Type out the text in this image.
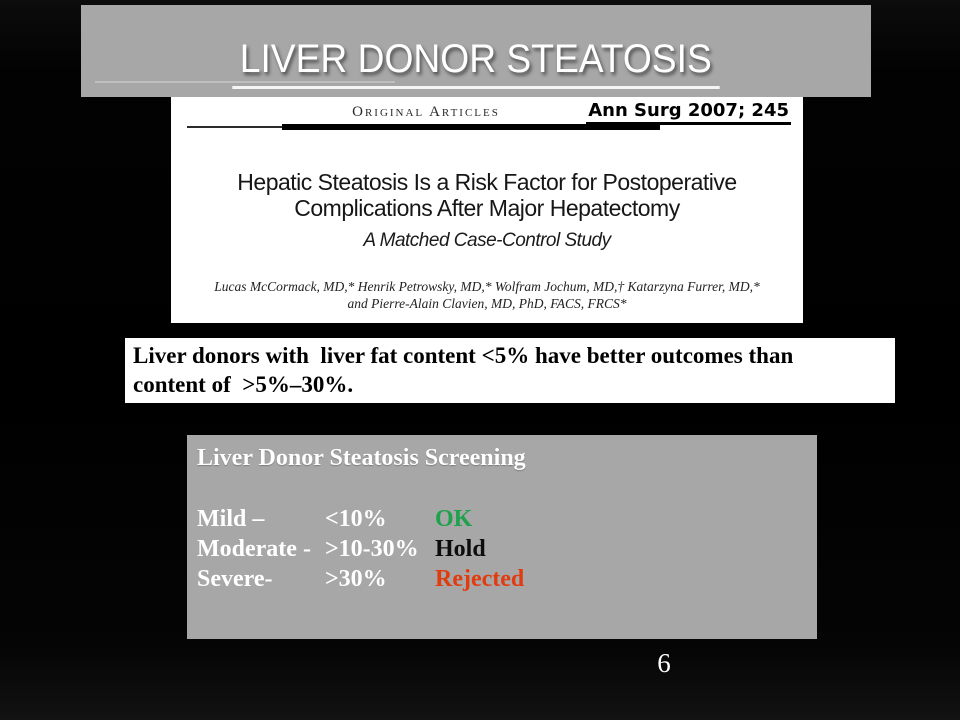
LIVER DONOR STEATOSIS
Original Articles	Ann Surg 2007; 245
Hepatic Steatosis Is a Risk Factor for Postoperative
Complications After Major Hepatectomy
A Matched Case-Control Study
Lucas McCormack, MD,* Henrik Petrowsky, MD,* Wolfram Jochum, MD,† Katarzyna Furrer, MD,*
and Pierre-Alain Clavien, MD, PhD, FACS, FRCS*

Liver donors with  liver fat content <5% have better outcomes than
content of  >5%–30%.

Liver Donor Steatosis Screening
Mild –	<10%	OK
Moderate - >10-30% Hold
Severe-	>30%	Rejected
6
